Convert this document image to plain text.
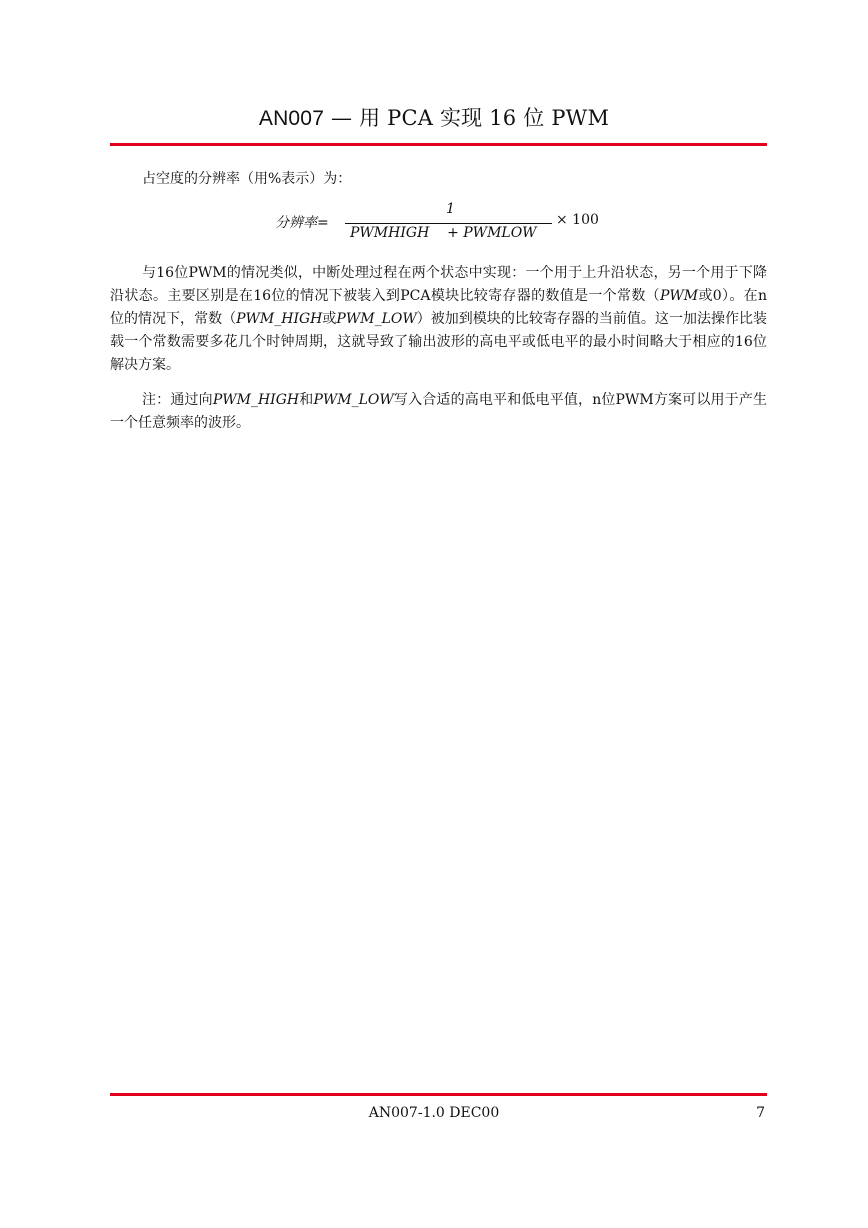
AN007 — 用 PCA 实现 16 位 PWM

占空度的分辨率（用%表示）为：

分辨率=
1
× 100
PWMHIGH    + PWMLOW

与16位PWM的情况类似，中断处理过程在两个状态中实现：一个用于上升沿状态，另一个用于下降沿状态。主要区别是在16位的情况下被装入到PCA模块比较寄存器的数值是一个常数（PWM或0）。在n位的情况下，常数（PWM_HIGH或PWM_LOW）被加到模块的比较寄存器的当前值。这一加法操作比装载一个常数需要多花几个时钟周期，这就导致了输出波形的高电平或低电平的最小时间略大于相应的16位解决方案。

注：通过向PWM_HIGH和PWM_LOW写入合适的高电平和低电平值，n位PWM方案可以用于产生一个任意频率的波形。

AN007-1.0 DEC00	7
